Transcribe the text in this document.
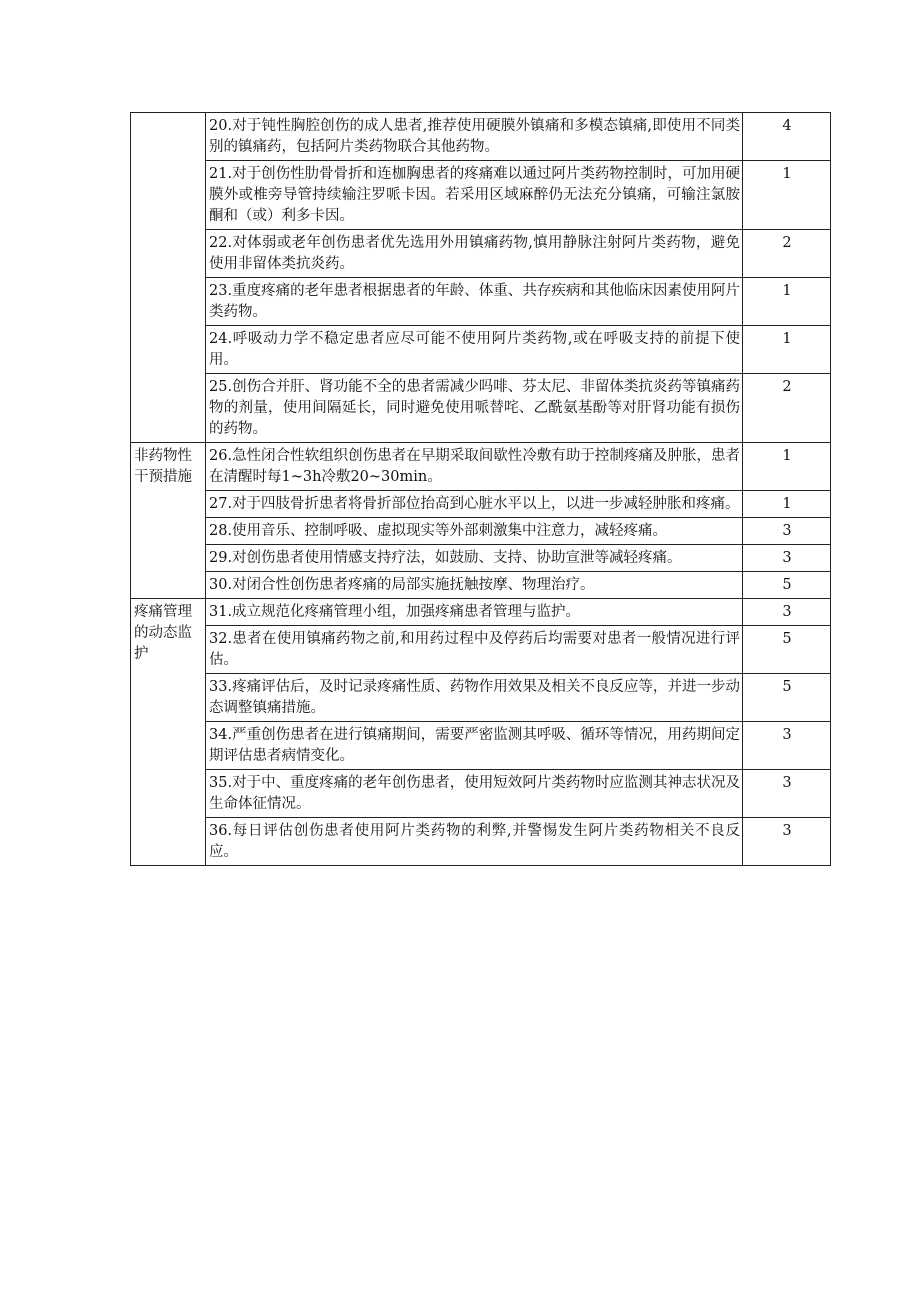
	20.对于钝性胸腔创伤的成人患者,推荐使用硬膜外镇痛和多模态镇痛,即使用不同类别的镇痛药，包括阿片类药物联合其他药物。	4
	21.对于创伤性肋骨骨折和连枷胸患者的疼痛难以通过阿片类药物控制时，可加用硬膜外或椎旁导管持续输注罗哌卡因。若采用区域麻醉仍无法充分镇痛，可输注氯胺酮和（或）利多卡因。	1
	22.对体弱或老年创伤患者优先选用外用镇痛药物,慎用静脉注射阿片类药物，避免使用非留体类抗炎药。	2
	23.重度疼痛的老年患者根据患者的年龄、体重、共存疾病和其他临床因素使用阿片类药物。	1
	24.呼吸动力学不稳定患者应尽可能不使用阿片类药物,或在呼吸支持的前提下使用。	1
	25.创伤合并肝、肾功能不全的患者需减少吗啡、芬太尼、非留体类抗炎药等镇痛药物的剂量，使用间隔延长，同时避免使用哌替咤、乙酰氨基酚等对肝肾功能有损伤的药物。	2
非药物性干预措施	26.急性闭合性软组织创伤患者在早期采取间歇性冷敷有助于控制疼痛及肿胀，患者在清醒时每1~3h冷敷20~30min。	1
	27.对于四肢骨折患者将骨折部位抬高到心脏水平以上，以进一步减轻肿胀和疼痛。	1
	28.使用音乐、控制呼吸、虚拟现实等外部刺激集中注意力，减轻疼痛。	3
	29.对创伤患者使用情感支持疗法，如鼓励、支持、协助宣泄等减轻疼痛。	3
	30.对闭合性创伤患者疼痛的局部实施抚触按摩、物理治疗。	5
疼痛管理的动态监护	31.成立规范化疼痛管理小组，加强疼痛患者管理与监护。	3
	32.患者在使用镇痛药物之前,和用药过程中及停药后均需要对患者一般情况进行评估。	5
	33.疼痛评估后，及时记录疼痛性质、药物作用效果及相关不良反应等，并进一步动态调整镇痛措施。	5
	34.严重创伤患者在进行镇痛期间，需要严密监测其呼吸、循环等情况，用药期间定期评估患者病情变化。	3
	35.对于中、重度疼痛的老年创伤患者，使用短效阿片类药物时应监测其神志状况及生命体征情况。	3
	36.每日评估创伤患者使用阿片类药物的利弊,并警惕发生阿片类药物相关不良反应。	3
